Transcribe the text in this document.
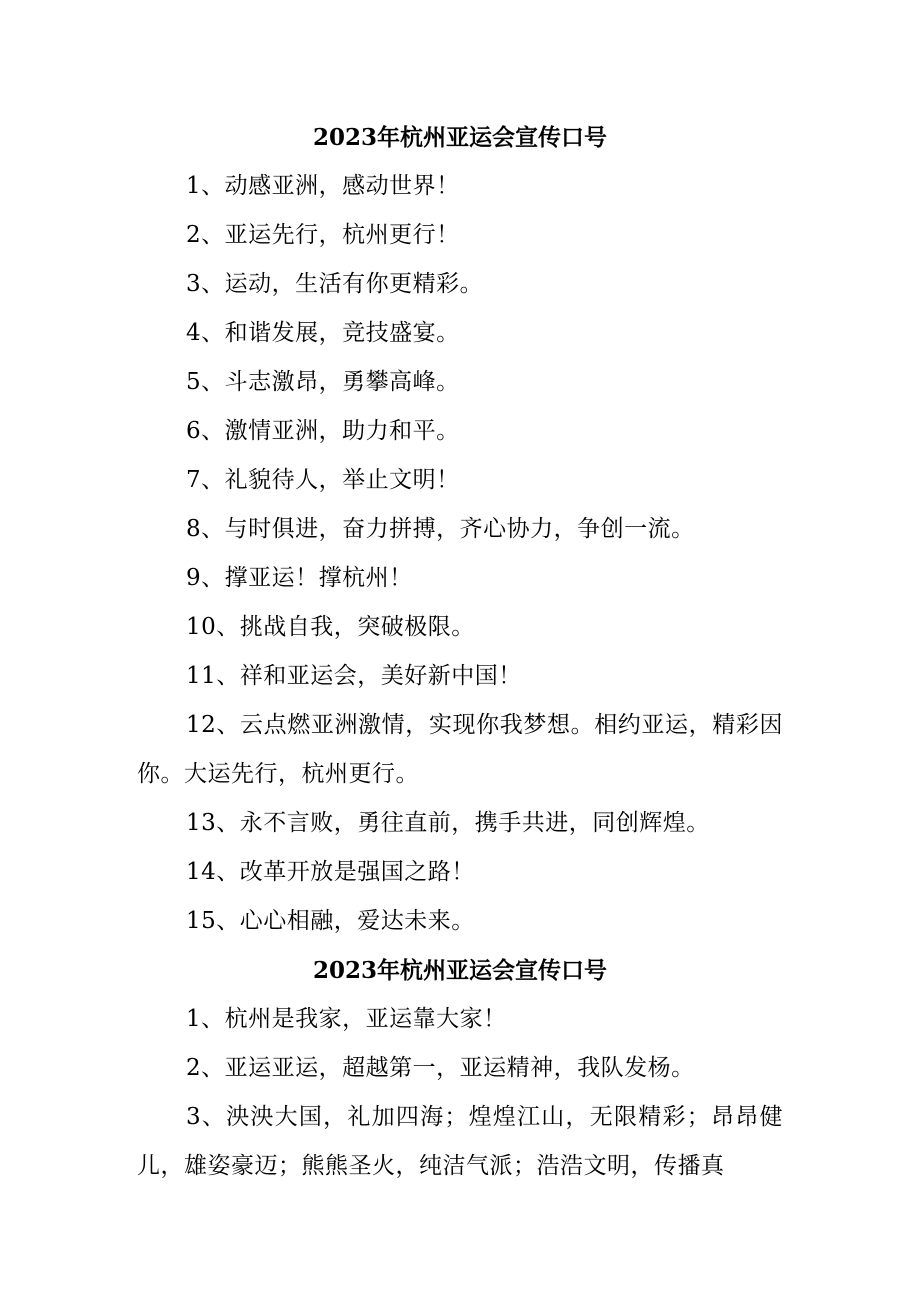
2023年杭州亚运会宣传口号

1、动感亚洲，感动世界！

2、亚运先行，杭州更行！

3、运动，生活有你更精彩。

4、和谐发展，竞技盛宴。

5、斗志激昂，勇攀高峰。

6、激情亚洲，助力和平。

7、礼貌待人，举止文明！

8、与时俱进，奋力拼搏，齐心协力，争创一流。

9、撑亚运！撑杭州！

10、挑战自我，突破极限。

11、祥和亚运会，美好新中国！

12、云点燃亚洲激情，实现你我梦想。相约亚运，精彩因你。大运先行，杭州更行。

13、永不言败，勇往直前，携手共进，同创辉煌。

14、改革开放是强国之路！

15、心心相融，爱达未来。

2023年杭州亚运会宣传口号

1、杭州是我家，亚运靠大家！

2、亚运亚运，超越第一，亚运精神，我队发杨。

3、泱泱大国，礼加四海；煌煌江山，无限精彩；昂昂健儿，雄姿豪迈；熊熊圣火，纯洁气派；浩浩文明，传播真
